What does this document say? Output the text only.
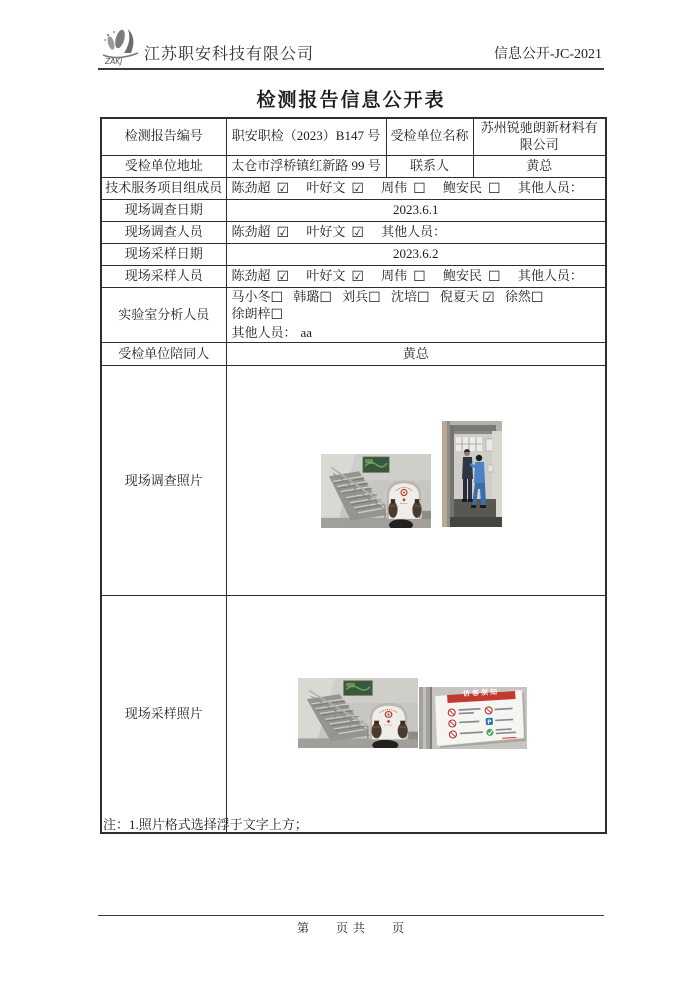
ZAKJ 江苏职安科技有限公司	信息公开-JC-2021
检测报告信息公开表
检测报告编号	职安职检（2023）B147 号	受检单位名称	苏州锐驰朗新材料有限公司
受检单位地址	太仓市浮桥镇红新路 99 号	联系人	黄总
技术服务项目组成员	陈劲超 ☑ 叶好文 ☑ 周伟 ☐ 鲍安民 ☐ 其他人员：		
现场调查日期	2023.6.1		
现场调查人员	陈劲超 ☑ 叶好文 ☑ 其他人员：		
现场采样日期	2023.6.2		
现场采样人员	陈劲超 ☑ 叶好文 ☑ 周伟 ☐ 鲍安民 ☐ 其他人员：		
实验室分析人员	马小冬☐ 韩璐☐ 刘兵☐ 沈培☐ 倪夏天 ☑ 徐然☐ 徐朗梓☐
其他人员： aa		

受检单位陪同人	黄总		
现场调查照片	

现场采样照片	P
访客须知		
注：1.照片格式选择浮于文字上方；
第　　页 共　　页
